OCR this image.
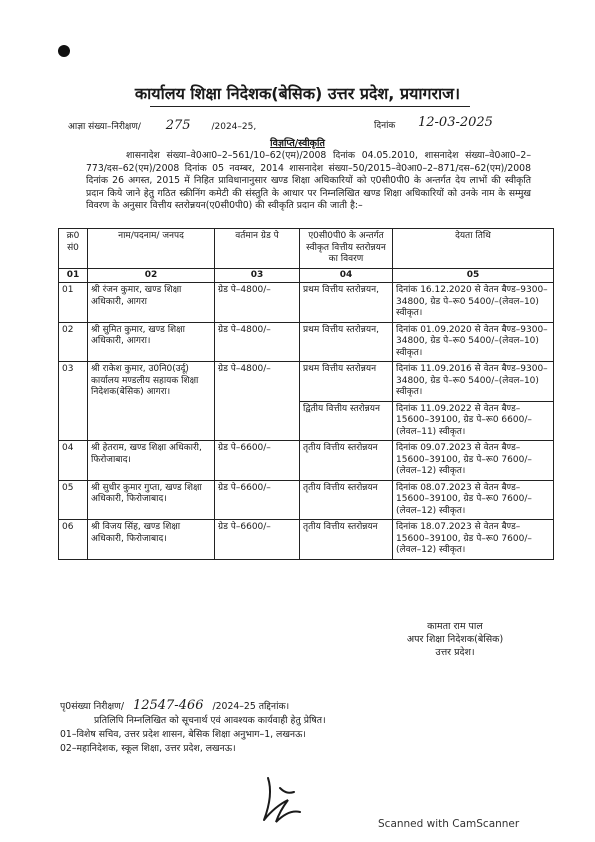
कार्यालय शिक्षा निदेशक(बेसिक) उत्तर प्रदेश, प्रयागराज।
आज्ञा संख्या–निरीक्षण/ 275 /2024–25,	दिनांक 12-03-2025
विज्ञप्ति/स्वीकृति
शासनादेश संख्या–वे0आ0–2–561/10–62(एम)/2008 दिनांक 04.05.2010, शासनादेश संख्या–वे0आ0–2–773/दस–62(एम)/2008 दिनांक 05 नवम्बर, 2014 शासनादेश संख्या–50/2015–वे0आ0–2–871/दस–62(एम)/2008 दिनांक 26 अगस्त, 2015 में निहित प्राविधानानुसार खण्ड शिक्षा अधिकारियों को ए0सी0पी0 के अन्तर्गत देय लाभों की स्वीकृति प्रदान किये जाने हेतु गठित स्क्रीनिंग कमेटी की संस्तुति के आधार पर निम्नलिखित खण्ड शिक्षा अधिकारियों को उनके नाम के सम्मुख विवरण के अनुसार वित्तीय स्तरोन्नयन(ए0सी0पी0) की स्वीकृति प्रदान की जाती है:–
क्र0 सं0	नाम/पदनाम/ जनपद	वर्तमान ग्रेड पे	ए0सी0पी0 के अन्तर्गत स्वीकृत वित्तीय स्तरोन्नयन का विवरण	देयता तिथि
01	02	03	04	05
01	श्री रंजन कुमार, खण्ड शिक्षा अधिकारी, आगरा	ग्रेड पे–4800/–	प्रथम वित्तीय स्तरोन्नयन,	दिनांक 16.12.2020 से वेतन बैण्ड–9300–34800, ग्रेड पे–रू0 5400/–(लेवल–10) स्वीकृत।
02	श्री सुमित कुमार, खण्ड शिक्षा अधिकारी, आगरा।	ग्रेड पे–4800/–	प्रथम वित्तीय स्तरोन्नयन,	दिनांक 01.09.2020 से वेतन बैण्ड–9300–34800, ग्रेड पे–रू0 5400/–(लेवल–10) स्वीकृत।
03	श्री राकेश कुमार, उ0नि0(उर्दू) कार्यालय मण्डलीय सहायक शिक्षा निदेशक(बेसिक) आगरा।	ग्रेड पे–4800/–	प्रथम वित्तीय स्तरोन्नयन	दिनांक 11.09.2016 से वेतन बैण्ड–9300–34800, ग्रेड पे–रू0 5400/–(लेवल–10) स्वीकृत।
			द्वितीय वित्तीय स्तरोन्नयन	दिनांक 11.09.2022 से वेतन बैण्ड–15600–39100, ग्रेड पे–रू0 6600/–(लेवल–11) स्वीकृत।
04	श्री हेतराम, खण्ड शिक्षा अधिकारी, फिरोजाबाद।	ग्रेड पे–6600/–	तृतीय वित्तीय स्तरोन्नयन	दिनांक 09.07.2023 से वेतन बैण्ड–15600–39100, ग्रेड पे–रू0 7600/–(लेवल–12) स्वीकृत।
05	श्री सुधीर कुमार गुप्ता, खण्ड शिक्षा अधिकारी, फिरोजाबाद।	ग्रेड पे–6600/–	तृतीय वित्तीय स्तरोन्नयन	दिनांक 08.07.2023 से वेतन बैण्ड–15600–39100, ग्रेड पे–रू0 7600/–(लेवल–12) स्वीकृत।
06	श्री विजय सिंह, खण्ड शिक्षा अधिकारी, फिरोजाबाद।	ग्रेड पे–6600/–	तृतीय वित्तीय स्तरोन्नयन	दिनांक 18.07.2023 से वेतन बैण्ड–15600–39100, ग्रेड पे–रू0 7600/–(लेवल–12) स्वीकृत।
कामता राम पाल
अपर शिक्षा निदेशक(बेसिक)
उत्तर प्रदेश।
पृ0संख्या निरीक्षण/ 12547-466 /2024–25 तद्दिनांक।
प्रतिलिपि निम्नलिखित को सूचनार्थ एवं आवश्यक कार्यवाही हेतु प्रेषित।
01–विशेष सचिव, उत्तर प्रदेश शासन, बेसिक शिक्षा अनुभाग–1, लखनऊ।
02–महानिदेशक, स्कूल शिक्षा, उत्तर प्रदेश, लखनऊ।
Scanned with CamScanner
